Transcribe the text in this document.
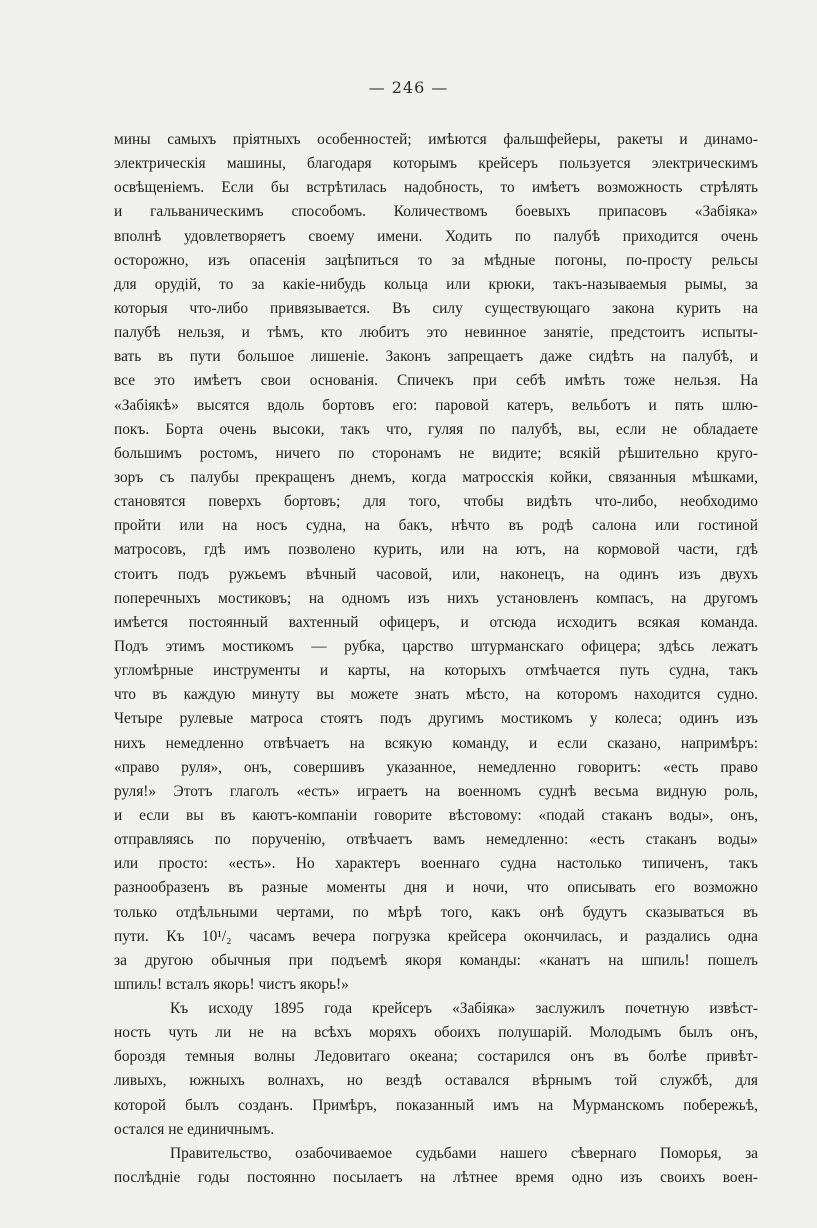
— 246 —
мины самыхъ пріятныхъ особенностей; имѣются фальшфейеры, ракеты и динамо-
электрическія машины, благодаря которымъ крейсеръ пользуется электрическимъ
освѣщеніемъ. Если бы встрѣтилась надобность, то имѣетъ возможность стрѣлять
и гальваническимъ способомъ. Количествомъ боевыхъ припасовъ «Забіяка»
вполнѣ удовлетворяетъ своему имени. Ходить по палубѣ приходится очень
осторожно, изъ опасенія зацѣпиться то за мѣдные погоны, по-просту рельсы
для орудій, то за какіе-нибудь кольца или крюки, такъ-называемыя рымы, за
которыя что-либо привязывается. Въ силу существующаго закона курить на
палубѣ нельзя, и тѣмъ, кто любитъ это невинное занятіе, предстоитъ испыты-
вать въ пути большое лишеніе. Законъ запрещаетъ даже сидѣть на палубѣ, и
все это имѣетъ свои основанія. Спичекъ при себѣ имѣть тоже нельзя. На
«Забіякѣ» высятся вдоль бортовъ его: паровой катеръ, вельботъ и пять шлю-
покъ. Борта очень высоки, такъ что, гуляя по палубѣ, вы, если не обладаете
большимъ ростомъ, ничего по сторонамъ не видите; всякій рѣшительно круго-
зоръ съ палубы прекращенъ днемъ, когда матросскія койки, связанныя мѣшками,
становятся поверхъ бортовъ; для того, чтобы видѣть что-либо, необходимо
пройти или на носъ судна, на бакъ, нѣчто въ родѣ салона или гостиной
матросовъ, гдѣ имъ позволено курить, или на ютъ, на кормовой части, гдѣ
стоитъ подъ ружьемъ вѣчный часовой, или, наконецъ, на одинъ изъ двухъ
поперечныхъ мостиковъ; на одномъ изъ нихъ установленъ компасъ, на другомъ
имѣется постоянный вахтенный офицеръ, и отсюда исходитъ всякая команда.
Подъ этимъ мостикомъ — рубка, царство штурманскаго офицера; здѣсь лежатъ
угломѣрные инструменты и карты, на которыхъ отмѣчается путь судна, такъ
что въ каждую минуту вы можете знать мѣсто, на которомъ находится судно.
Четыре рулевые матроса стоятъ подъ другимъ мостикомъ у колеса; одинъ изъ
нихъ немедленно отвѣчаетъ на всякую команду, и если сказано, напримѣръ:
«право руля», онъ, совершивъ указанное, немедленно говоритъ: «есть право
руля!» Этотъ глаголъ «есть» играетъ на военномъ суднѣ весьма видную роль,
и если вы въ каютъ-компаніи говорите вѣстовому: «подай стаканъ воды», онъ,
отправляясь по порученію, отвѣчаетъ вамъ немедленно: «есть стаканъ воды»
или просто: «есть». Но характеръ военнаго судна настолько типиченъ, такъ
разнообразенъ въ разные моменты дня и ночи, что описывать его возможно
только отдѣльными чертами, по мѣрѣ того, какъ онѣ будутъ сказываться въ
пути. Къ 10¹/₂ часамъ вечера погрузка крейсера окончилась, и раздались одна
за другою обычныя при подъемѣ якоря команды: «канатъ на шпиль! пошелъ
шпиль! всталъ якорь! чистъ якорь!»
Къ исходу 1895 года крейсеръ «Забіяка» заслужилъ почетную извѣст-
ность чуть ли не на всѣхъ моряхъ обоихъ полушарій. Молодымъ былъ онъ,
бороздя темныя волны Ледовитаго океана; состарился онъ въ болѣе привѣт-
ливыхъ, южныхъ волнахъ, но вездѣ оставался вѣрнымъ той службѣ, для
которой былъ созданъ. Примѣръ, показанный имъ на Мурманскомъ побережьѣ,
остался не единичнымъ.
Правительство, озабочиваемое судьбами нашего сѣвернаго Поморья, за
послѣдніе годы постоянно посылаетъ на лѣтнее время одно изъ своихъ воен-
